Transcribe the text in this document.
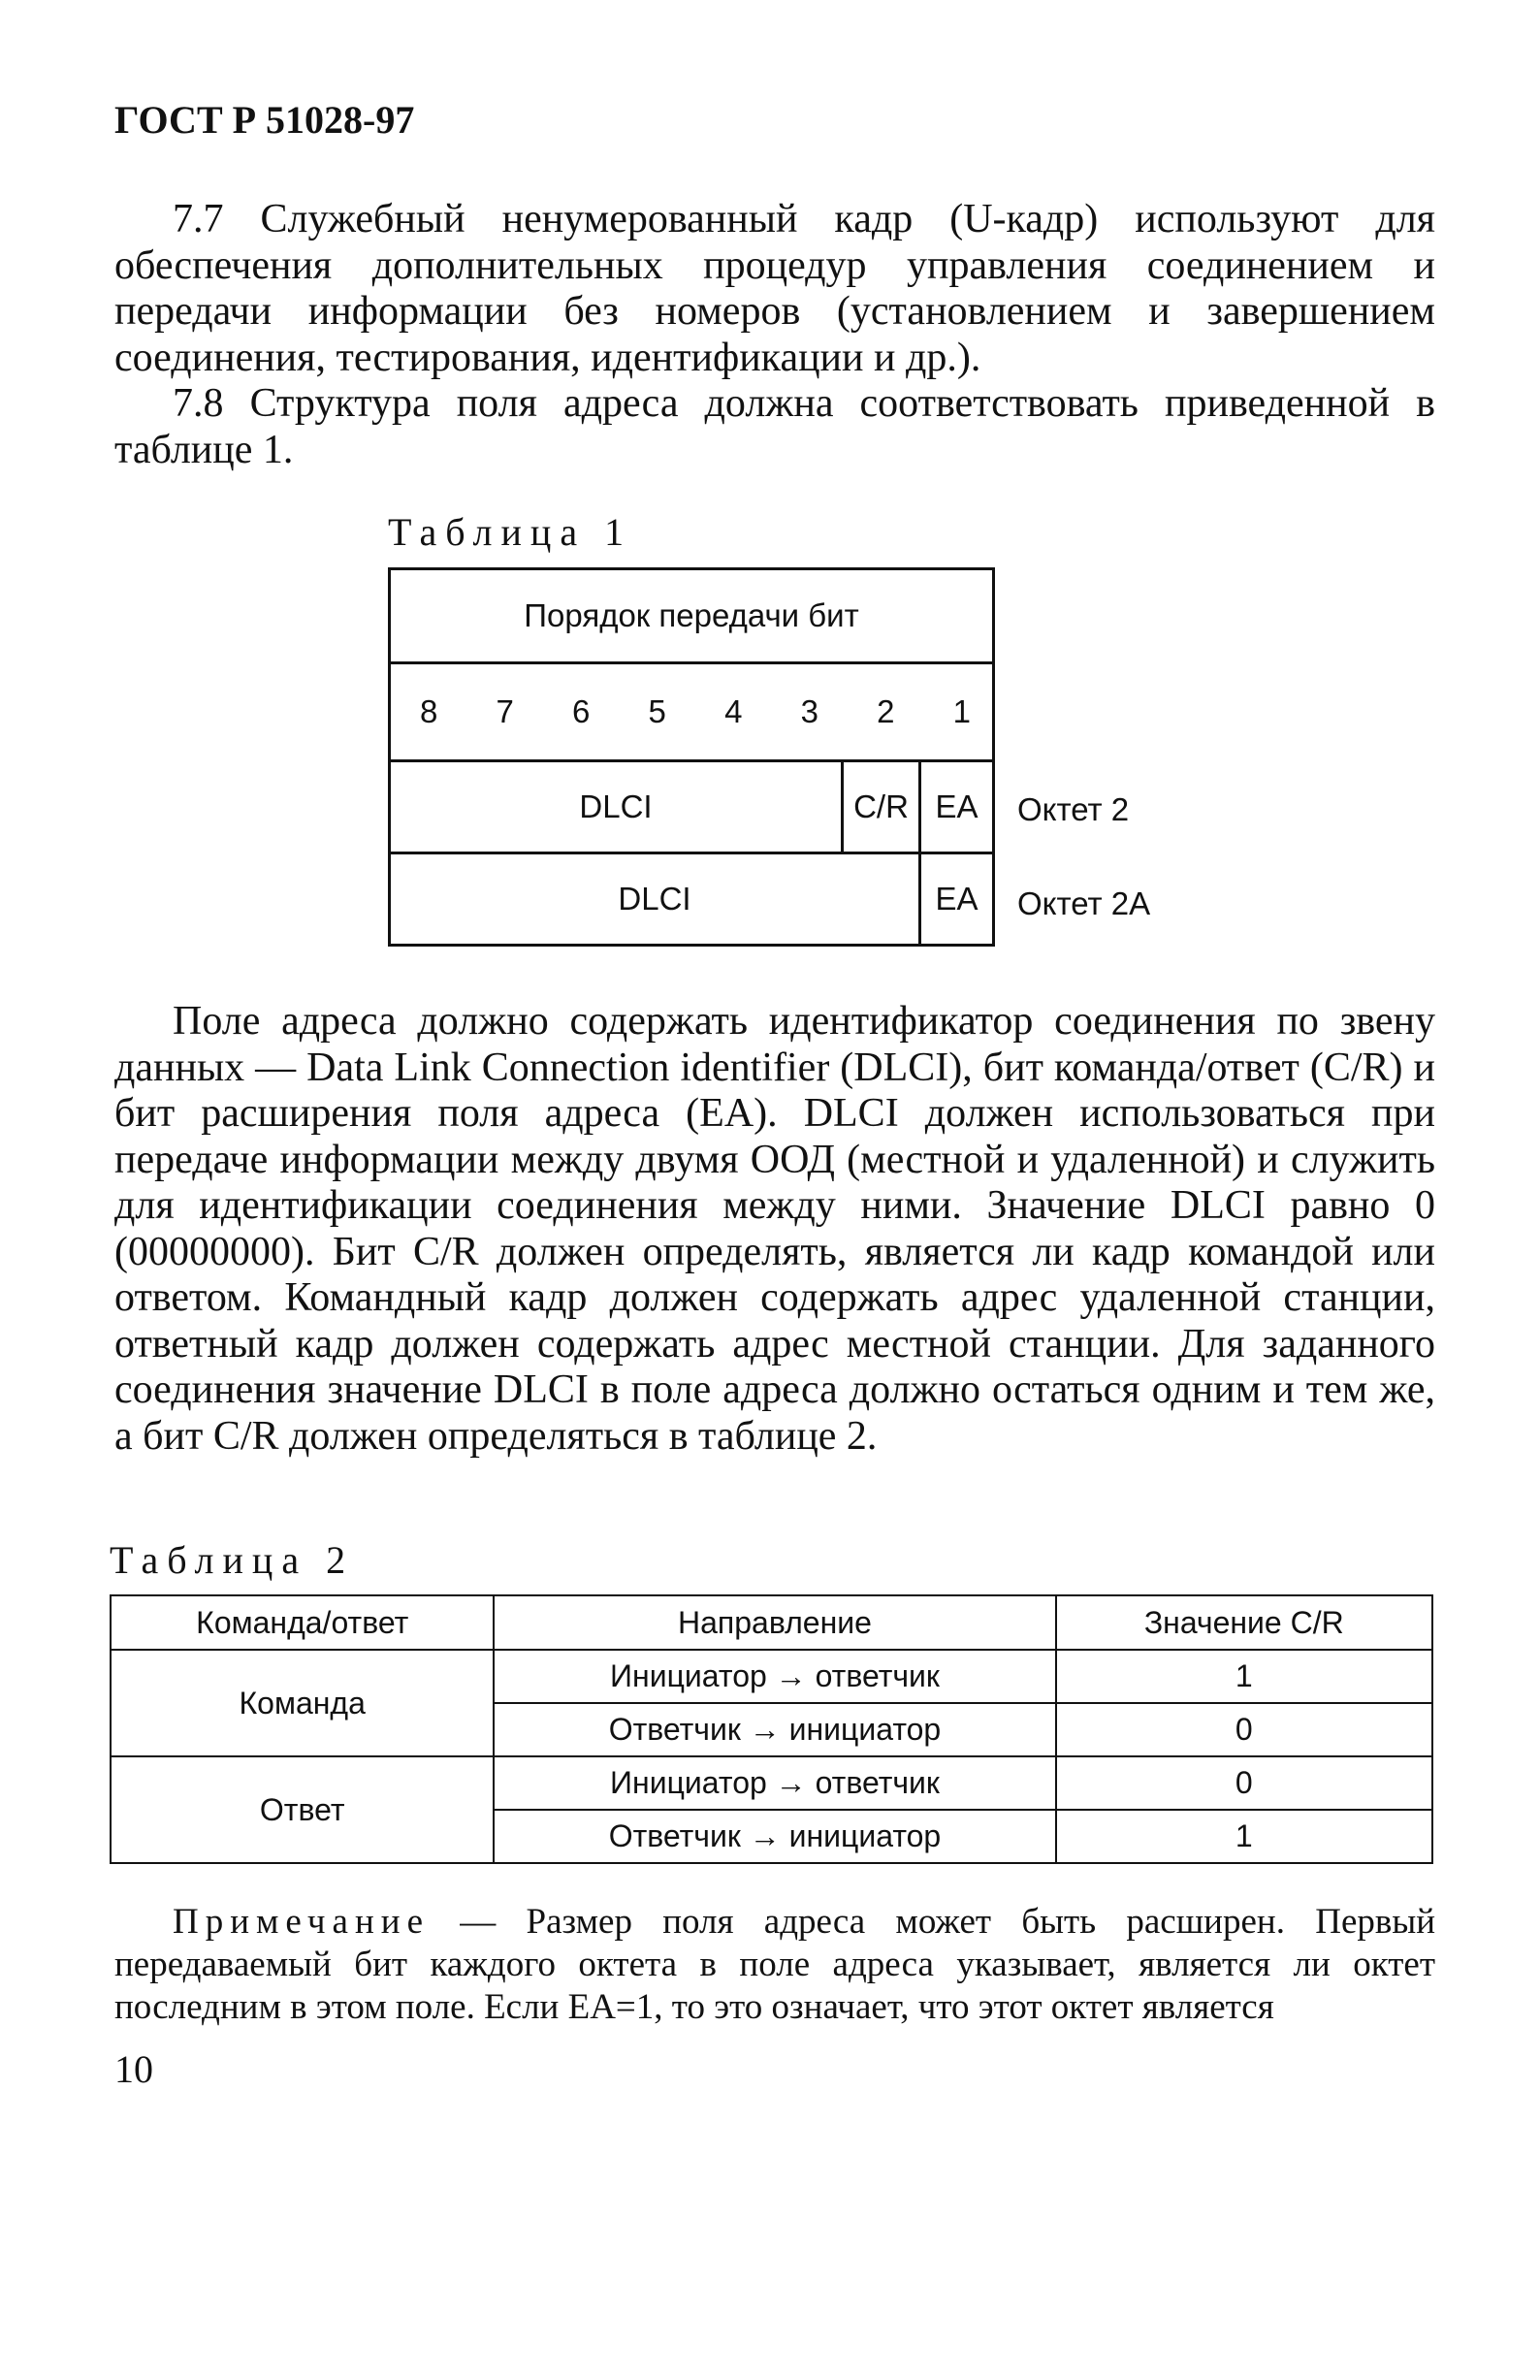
ГОСТ Р 51028-97

7.7 Служебный ненумерованный кадр (U-кадр) используют для обеспечения дополнительных процедур управления соединением и передачи информации без номеров (установлением и завершением соединения, тестирования, идентификации и др.).

7.8 Структура поля адреса должна соответствовать приведенной в таблице 1.

Таблица 1
Порядок передачи бит
8 7 6 5 4 3 2 1
DLCI	C/R EA
DLCI	EA
Октет 2
Октет 2А

Поле адреса должно содержать идентификатор соединения по звену данных — Data Link Connection identifier (DLCI), бит команда/ответ (C/R) и бит расширения поля адреса (EA). DLCI должен использоваться при передаче информации между двумя ООД (местной и удаленной) и служить для идентификации соединения между ними. Значение DLCI равно 0 (00000000). Бит C/R должен определять, является ли кадр командой или ответом. Командный кадр должен содержать адрес удаленной станции, ответный кадр должен содержать адрес местной станции. Для заданного соединения значение DLCI в поле адреса должно остаться одним и тем же, а бит C/R должен определяться в таблице 2.

Таблица 2
Команда/ответ	Направление	Значение C/R
Команда	Инициатор → ответчик	1
	Ответчик → инициатор	0
Ответ	Инициатор → ответчик	0
	Ответчик → инициатор	1
Примечание — Размер поля адреса может быть расширен. Первый передаваемый бит каждого октета в поле адреса указывает, является ли октет последним в этом поле. Если EA=1, то это означает, что этот октет является
10
